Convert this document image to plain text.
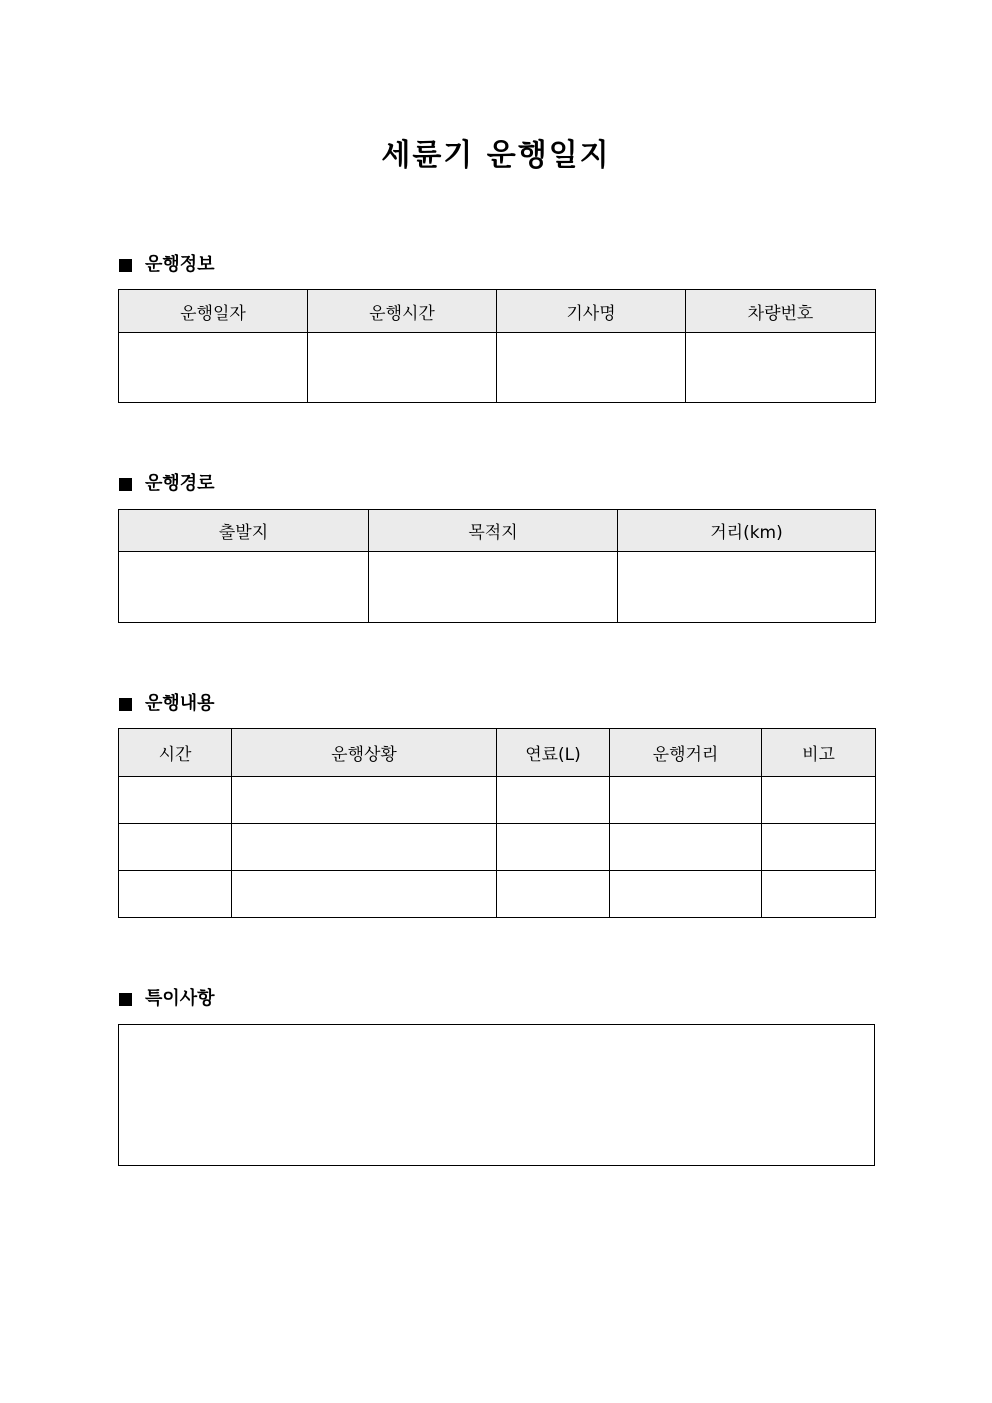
세륜기 운행일지
운행정보
운행일자	운행시간	기사명	차량번호

운행경로
출발지	목적지	거리(km)

운행내용
시간	운행상황	연료(L)	운행거리	비고

특이사항
